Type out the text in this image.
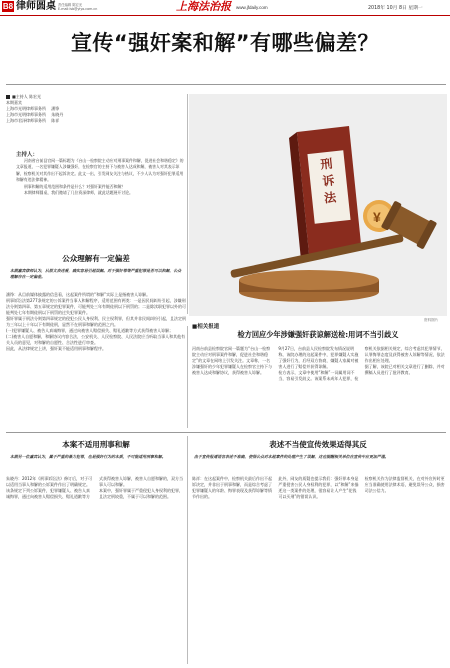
B8 律师圆桌 责任编辑 陈宏光
E-mail:lsb@yiyo.com.cn	上海法治报 www.jfdaily.com	2018年 10月 8日 星期一
宣传“强奸案和解”有哪些偏差？
■主持人 陈宏光
本期嘉宾
上海市光明律师事务所 潘铮
上海市光明律师事务所 朱晓丹
上海市君泽律师事务所 陈祥
主持人：
河南省台前县官网一篇标题为《台山一检察院主动应对刑事案件和解，促进社会和谐稳定》的文章报道，一名犯罪嫌疑人涉嫌强奸，在检察官的主持下与被害人达成和解，被害人对其表示谅解，检察机关对其作出不起诉决定。此文一出，引发网友关注与热议，不少人认为对强奸犯罪适用和解有违法律精神。
刑事和解的适用范围和条件是什么？对强奸案件能否和解？
本期律师圆桌，我们邀请了几位资深律师，就此话题展开讨论。
刑 诉 法
¥
资料图片
公众理解有一定偏差
本期嘉宾律师认为，从原文表述看，确实容易引起误解。对于强奸罪等严重犯罪是否可以和解，公众理解存在一定偏差。
潘铮：从目前媒体披露的信息看，这起案件所谓的“和解”实际上是指被害人谅解。
刑事诉讼法第277条规定的公诉案件当事人和解程序，适用范围有两类：一是因民间纠纷引起，涉嫌刑法分则第四章、第五章规定的犯罪案件，可能判处三年有期徒刑以下刑罚的；二是除渎职犯罪以外的可能判处七年有期徒刑以下刑罚的过失犯罪案件。
强奸罪属于刑法分则第四章规定的侵犯公民人身权利、民主权利罪，但其并非民间纠纷引起，且法定刑为三年以上十年以下有期徒刑，显然不在刑事和解的范围之内。
(一)犯罪嫌疑人、被告人真诚悔罪，通过向被害人赔偿损失、赔礼道歉等方式获得被害人谅解；
(二)被害人自愿和解，和解协议内容合法，公安机关、人民检察院、人民法院应当听取当事人和其他有关人员的意见，对和解的自愿性、合法性进行审查。
因此，从法律规定上讲，强奸案不能适用刑事和解程序。
■相关报道
检方回应少年涉嫌强奸获谅解送检:用词不当引歧义
河南台前县检察院官网一篇题为“台山一检察院主动应对刑事案件和解，促进社会和谐稳定”的文章在网络上引发关注。文章称，一名涉嫌强奸的少年犯罪嫌疑人在检察官主持下与被害人达成和解协议，获得被害人谅解。
9月27日，台前县人民检察院发布情况说明称，该院办理的这起案件中，犯罪嫌疑人实施了强奸行为，后经双方协商，嫌疑人家属对被害人进行了赔偿并获得谅解。
检方表示，文章中使用“和解”一词属用词不当，容易引发歧义。该案系未成年人犯罪，检察机关依据相关规定，综合考虑其犯罪情节、认罪悔罪态度及获得被害人谅解等情况，依法作出相应处理。
据了解，该院已对相关文章进行了删除，并对撰稿人员进行了批评教育。
本案不适用刑事和解
本期另一位嘉宾认为，属于严重的暴力犯罪，也是强奸行为的本质，不可能适用刑事和解。
朱晓丹：2012年《刑事诉讼法》修订后，对于可以适用当事人和解的公诉案件作出了明确规定。
该条规定下列公诉案件，犯罪嫌疑人、被告人真诚悔罪，通过向被害人赔偿损失、赔礼道歉等方式获得被害人谅解，被害人自愿和解的，双方当事人可以和解。
本案中，强奸罪属于严重侵犯人身权利的犯罪，且法定刑较重，不属于可以和解的范围。
表述不当使宣传效果适得其反
由于宣传报道语言表述不准确，使得公众对本起案件的处理产生了误解，这也提醒相关单位在宣传中应更加严谨。
陈祥：在这起案件中，检察机关最后作出不起诉决定，并非出于刑事和解，而是综合考虑了犯罪嫌疑人的年龄、悔罪表现及获得谅解等情节作出的。
此外，网友的质疑也提示我们：强奸罪本身是严重侵害公民人身权利的犯罪，以“和解”来描述这一类案件的处理，很容易让人产生“花钱可以买刑”的错误认识。
检察机关作为法律监督机关，在对外宣传时更应当准确使用法律术语，避免误导公众，损害司法公信力。
